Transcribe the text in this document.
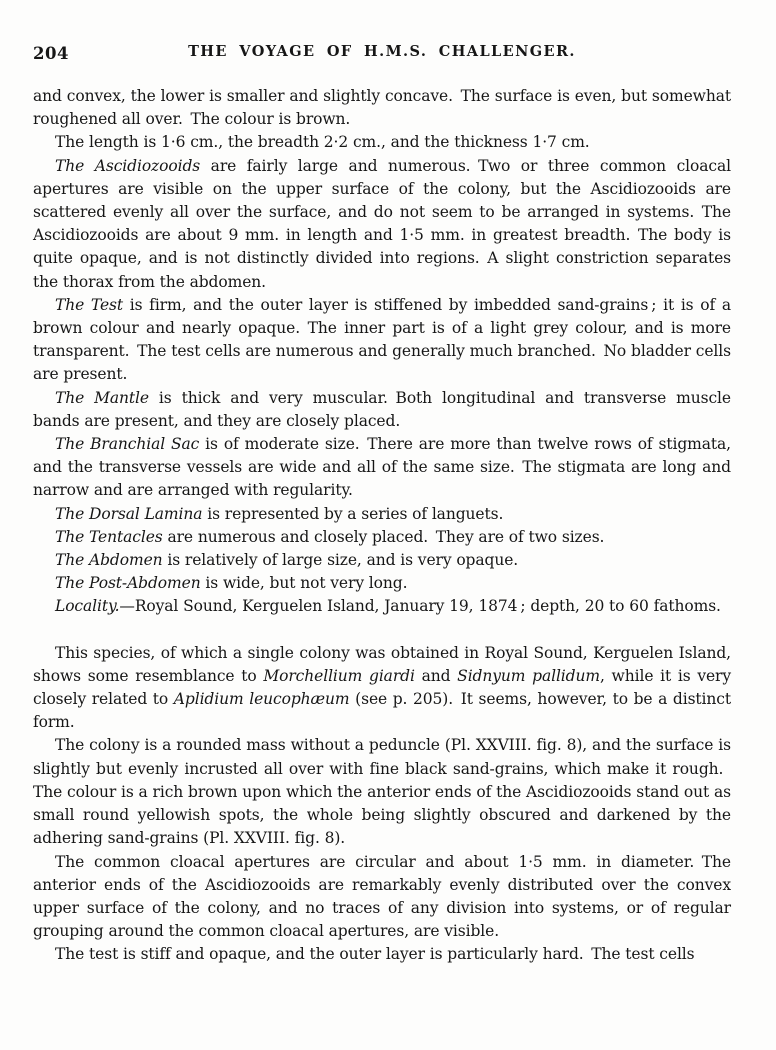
204	THE VOYAGE OF H.M.S. CHALLENGER.

and convex, the lower is smaller and slightly concave. The surface is even, but somewhat roughened all over. The colour is brown.

The length is 1·6 cm., the breadth 2·2 cm., and the thickness 1·7 cm.

The Ascidiozooids are fairly large and numerous. Two or three common cloacal apertures are visible on the upper surface of the colony, but the Ascidiozooids are scattered evenly all over the surface, and do not seem to be arranged in systems. The Ascidiozooids are about 9 mm. in length and 1·5 mm. in greatest breadth. The body is quite opaque, and is not distinctly divided into regions. A slight constriction separates the thorax from the abdomen.

The Test is firm, and the outer layer is stiffened by imbedded sand-grains ; it is of a brown colour and nearly opaque. The inner part is of a light grey colour, and is more transparent. The test cells are numerous and generally much branched. No bladder cells are present.

The Mantle is thick and very muscular. Both longitudinal and transverse muscle bands are present, and they are closely placed.

The Branchial Sac is of moderate size. There are more than twelve rows of stigmata, and the transverse vessels are wide and all of the same size. The stigmata are long and narrow and are arranged with regularity.

The Dorsal Lamina is represented by a series of languets.

The Tentacles are numerous and closely placed. They are of two sizes.

The Abdomen is relatively of large size, and is very opaque.

The Post-Abdomen is wide, but not very long.

Locality.—Royal Sound, Kerguelen Island, January 19, 1874 ; depth, 20 to 60 fathoms.

This species, of which a single colony was obtained in Royal Sound, Kerguelen Island, shows some resemblance to Morchellium giardi and Sidnyum pallidum, while it is very closely related to Aplidium leucophæum (see p. 205). It seems, however, to be a distinct form.

The colony is a rounded mass without a peduncle (Pl. XXVIII. fig. 8), and the surface is slightly but evenly incrusted all over with fine black sand-grains, which make it rough. The colour is a rich brown upon which the anterior ends of the Ascidiozooids stand out as small round yellowish spots, the whole being slightly obscured and darkened by the adhering sand-grains (Pl. XXVIII. fig. 8).

The common cloacal apertures are circular and about 1·5 mm. in diameter. The anterior ends of the Ascidiozooids are remarkably evenly distributed over the convex upper surface of the colony, and no traces of any division into systems, or of regular grouping around the common cloacal apertures, are visible.

The test is stiff and opaque, and the outer layer is particularly hard. The test cells
